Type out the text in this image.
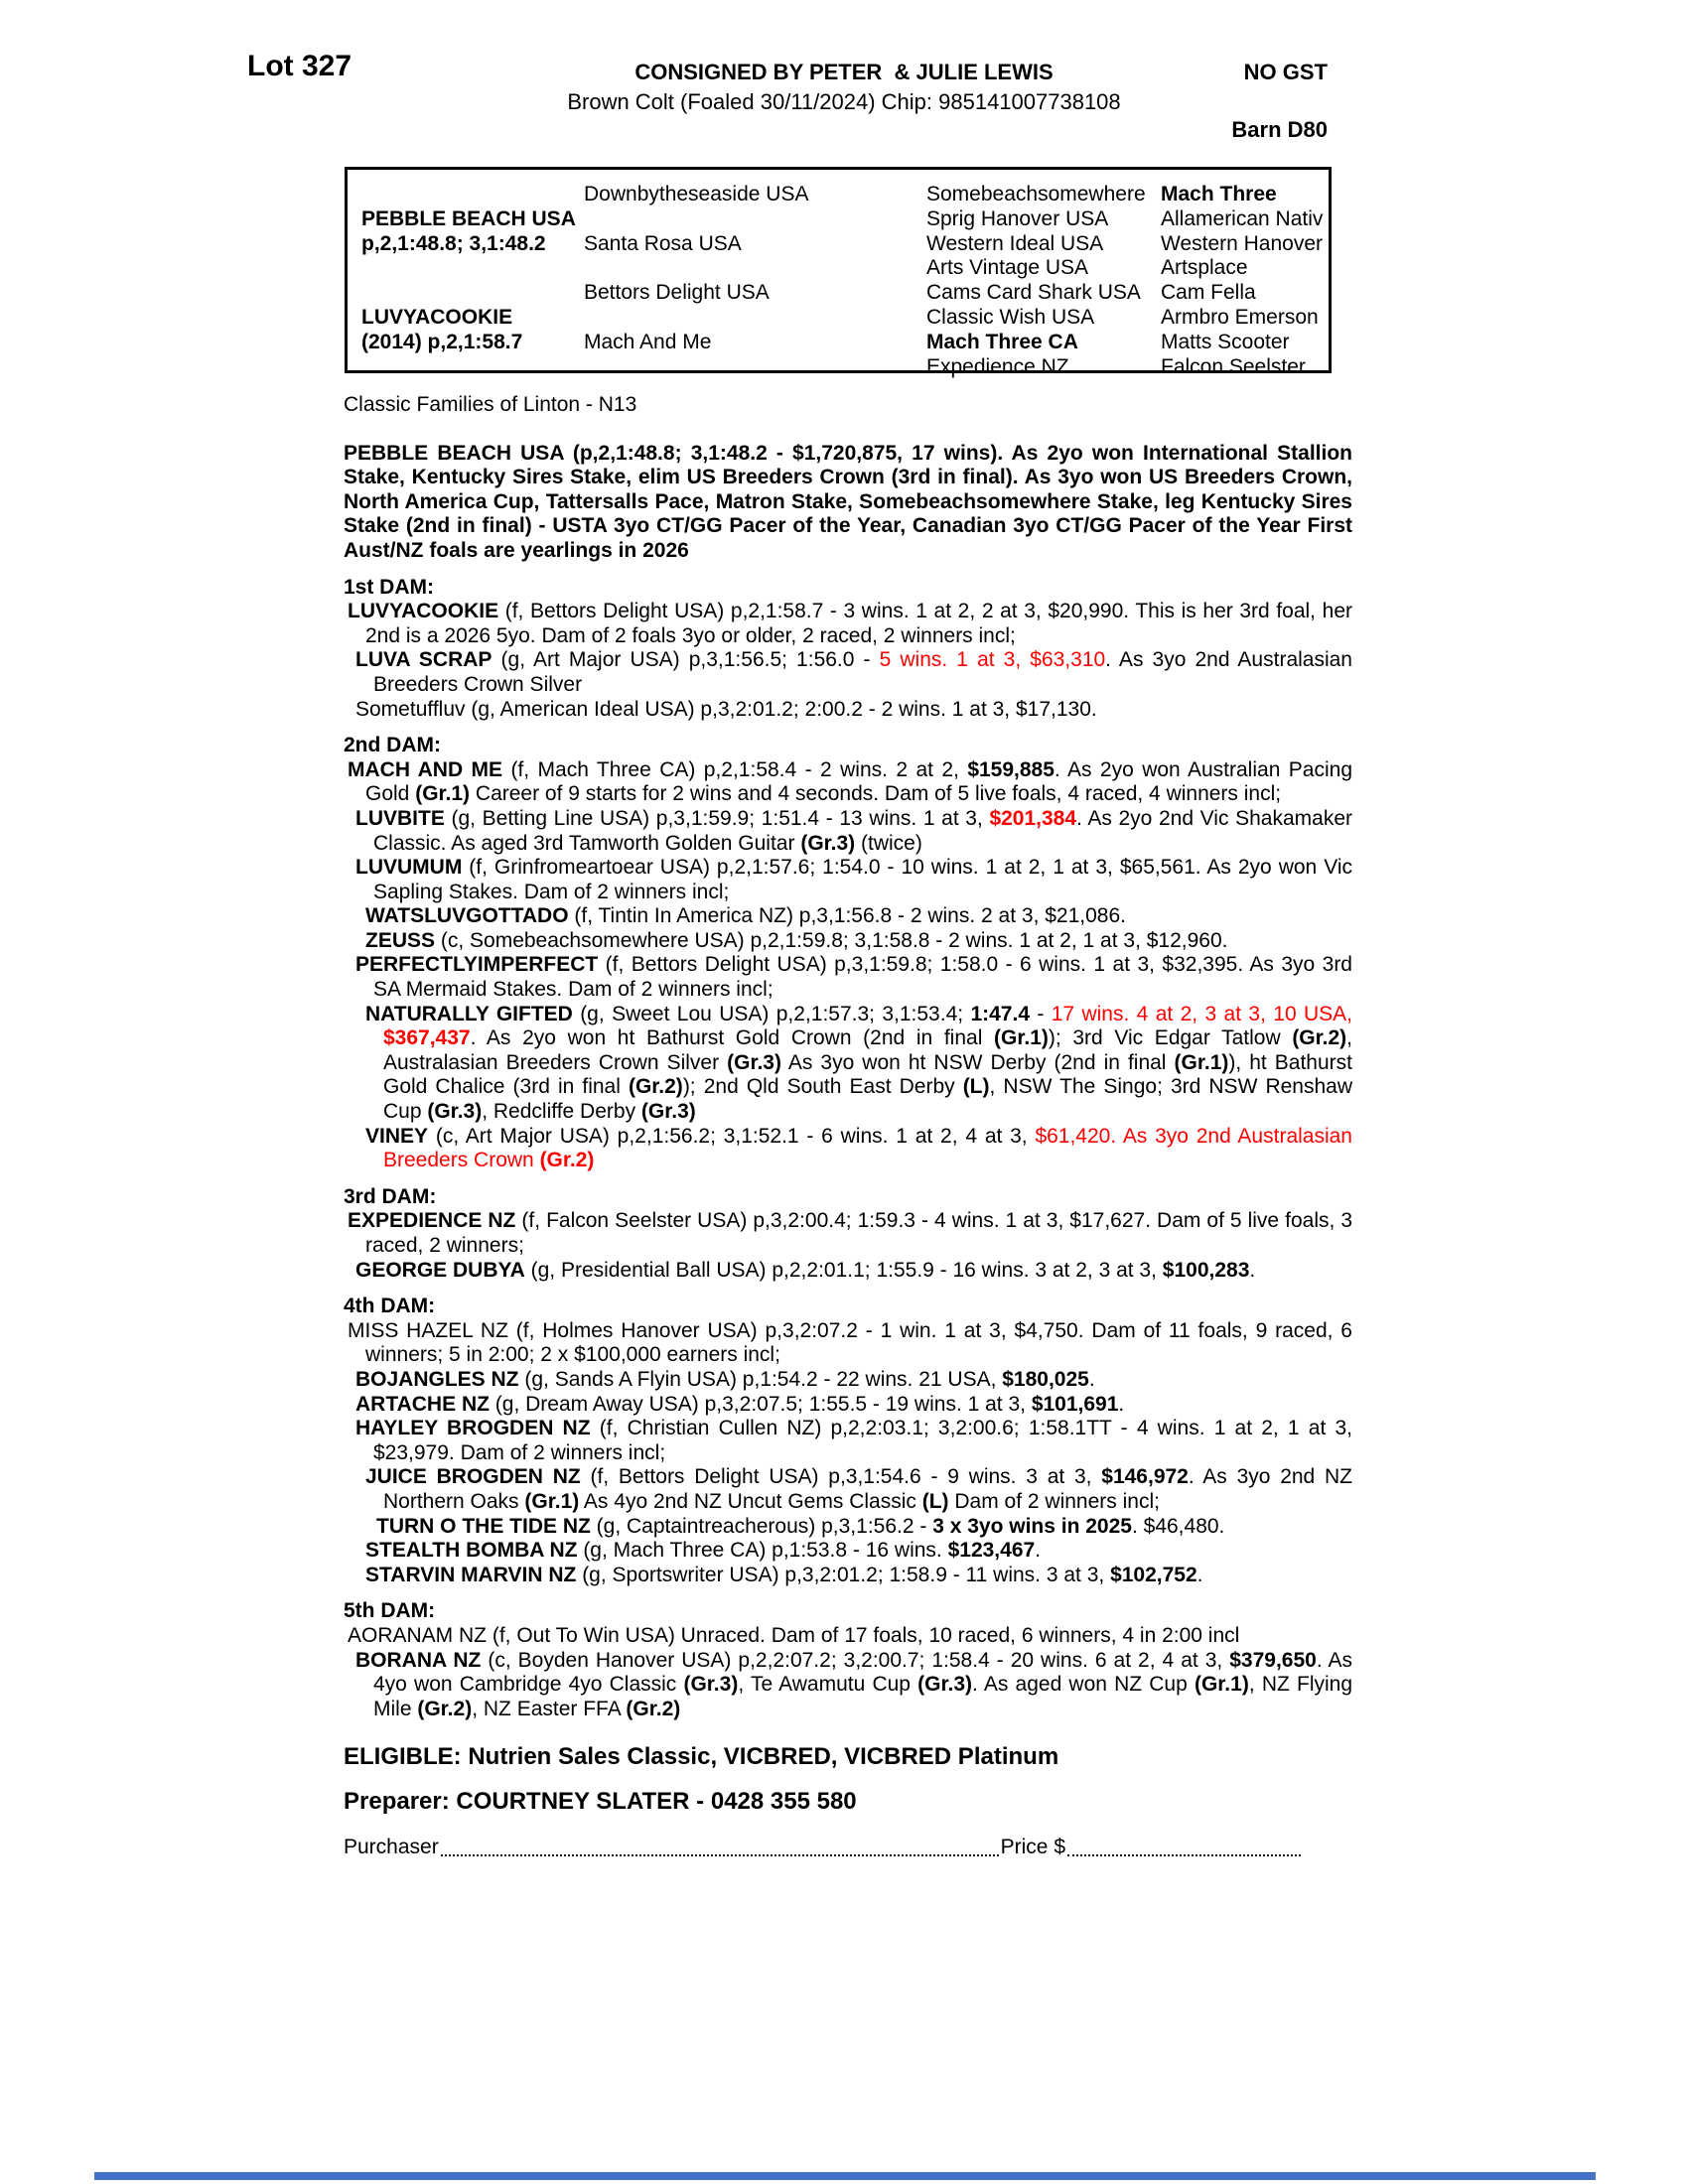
Lot 327	CONSIGNED BY PETER  & JULIE LEWIS
Brown Colt (Foaled 30/11/2024) Chip: 985141007738108
NO GST
Barn D80
PEBBLE BEACH USA
p,2,1:48.8; 3,1:48.2
LUVYACOOKIE
(2014) p,2,1:58.7
Downbytheseaside USA
Santa Rosa USA
Bettors Delight USA
Mach And Me
Somebeachsomewhere
Sprig Hanover USA
Western Ideal USA
Arts Vintage USA
Cams Card Shark USA
Classic Wish USA
Mach Three CA
Expedience NZ
Mach Three
Allamerican Nativ
Western Hanover
Artsplace
Cam Fella
Armbro Emerson
Matts Scooter
Falcon Seelster
Classic Families of Linton - N13

PEBBLE BEACH USA (p,2,1:48.8; 3,1:48.2 - $1,720,875, 17 wins). As 2yo won International Stallion Stake, Kentucky Sires Stake, elim US Breeders Crown (3rd in final). As 3yo won US Breeders Crown, North America Cup, Tattersalls Pace, Matron Stake, Somebeachsomewhere Stake, leg Kentucky Sires Stake (2nd in final) - USTA 3yo CT/GG Pacer of the Year, Canadian 3yo CT/GG Pacer of the Year First Aust/NZ foals are yearlings in 2026

1st DAM:

LUVYACOOKIE (f, Bettors Delight USA) p,2,1:58.7 - 3 wins. 1 at 2, 2 at 3, $20,990. This is her 3rd foal, her 2nd is a 2026 5yo. Dam of 2 foals 3yo or older, 2 raced, 2 winners incl;

LUVA SCRAP (g, Art Major USA) p,3,1:56.5; 1:56.0 - 5 wins. 1 at 3, $63,310. As 3yo 2nd Australasian Breeders Crown Silver

Sometuffluv (g, American Ideal USA) p,3,2:01.2; 2:00.2 - 2 wins. 1 at 3, $17,130.

2nd DAM:

MACH AND ME (f, Mach Three CA) p,2,1:58.4 - 2 wins. 2 at 2, $159,885. As 2yo won Australian Pacing Gold (Gr.1) Career of 9 starts for 2 wins and 4 seconds. Dam of 5 live foals, 4 raced, 4 winners incl;

LUVBITE (g, Betting Line USA) p,3,1:59.9; 1:51.4 - 13 wins. 1 at 3, $201,384. As 2yo 2nd Vic Shakamaker Classic. As aged 3rd Tamworth Golden Guitar (Gr.3) (twice)

LUVUMUM (f, Grinfromeartoear USA) p,2,1:57.6; 1:54.0 - 10 wins. 1 at 2, 1 at 3, $65,561. As 2yo won Vic Sapling Stakes. Dam of 2 winners incl;

WATSLUVGOTTADO (f, Tintin In America NZ) p,3,1:56.8 - 2 wins. 2 at 3, $21,086.

ZEUSS (c, Somebeachsomewhere USA) p,2,1:59.8; 3,1:58.8 - 2 wins. 1 at 2, 1 at 3, $12,960.

PERFECTLYIMPERFECT (f, Bettors Delight USA) p,3,1:59.8; 1:58.0 - 6 wins. 1 at 3, $32,395. As 3yo 3rd SA Mermaid Stakes. Dam of 2 winners incl;

NATURALLY GIFTED (g, Sweet Lou USA) p,2,1:57.3; 3,1:53.4; 1:47.4 - 17 wins. 4 at 2, 3 at 3, 10 USA, $367,437. As 2yo won ht Bathurst Gold Crown (2nd in final (Gr.1)); 3rd Vic Edgar Tatlow (Gr.2), Australasian Breeders Crown Silver (Gr.3) As 3yo won ht NSW Derby (2nd in final (Gr.1)), ht Bathurst Gold Chalice (3rd in final (Gr.2)); 2nd Qld South East Derby (L), NSW The Singo; 3rd NSW Renshaw Cup (Gr.3), Redcliffe Derby (Gr.3)

VINEY (c, Art Major USA) p,2,1:56.2; 3,1:52.1 - 6 wins. 1 at 2, 4 at 3, $61,420. As 3yo 2nd Australasian Breeders Crown (Gr.2)

3rd DAM:

EXPEDIENCE NZ (f, Falcon Seelster USA) p,3,2:00.4; 1:59.3 - 4 wins. 1 at 3, $17,627. Dam of 5 live foals, 3 raced, 2 winners;

GEORGE DUBYA (g, Presidential Ball USA) p,2,2:01.1; 1:55.9 - 16 wins. 3 at 2, 3 at 3, $100,283.

4th DAM:

MISS HAZEL NZ (f, Holmes Hanover USA) p,3,2:07.2 - 1 win. 1 at 3, $4,750. Dam of 11 foals, 9 raced, 6 winners; 5 in 2:00; 2 x $100,000 earners incl;

BOJANGLES NZ (g, Sands A Flyin USA) p,1:54.2 - 22 wins. 21 USA, $180,025.

ARTACHE NZ (g, Dream Away USA) p,3,2:07.5; 1:55.5 - 19 wins. 1 at 3, $101,691.

HAYLEY BROGDEN NZ (f, Christian Cullen NZ) p,2,2:03.1; 3,2:00.6; 1:58.1TT - 4 wins. 1 at 2, 1 at 3, $23,979. Dam of 2 winners incl;

JUICE BROGDEN NZ (f, Bettors Delight USA) p,3,1:54.6 - 9 wins. 3 at 3, $146,972. As 3yo 2nd NZ Northern Oaks (Gr.1) As 4yo 2nd NZ Uncut Gems Classic (L) Dam of 2 winners incl;

TURN O THE TIDE NZ (g, Captaintreacherous) p,3,1:56.2 - 3 x 3yo wins in 2025. $46,480.

STEALTH BOMBA NZ (g, Mach Three CA) p,1:53.8 - 16 wins. $123,467.

STARVIN MARVIN NZ (g, Sportswriter USA) p,3,2:01.2; 1:58.9 - 11 wins. 3 at 3, $102,752.

5th DAM:

AORANAM NZ (f, Out To Win USA) Unraced. Dam of 17 foals, 10 raced, 6 winners, 4 in 2:00 incl

BORANA NZ (c, Boyden Hanover USA) p,2,2:07.2; 3,2:00.7; 1:58.4 - 20 wins. 6 at 2, 4 at 3, $379,650. As 4yo won Cambridge 4yo Classic (Gr.3), Te Awamutu Cup (Gr.3). As aged won NZ Cup (Gr.1), NZ Flying Mile (Gr.2), NZ Easter FFA (Gr.2)

ELIGIBLE: Nutrien Sales Classic, VICBRED, VICBRED Platinum
Preparer: COURTNEY SLATER - 0428 355 580
Purchaser	Price $
